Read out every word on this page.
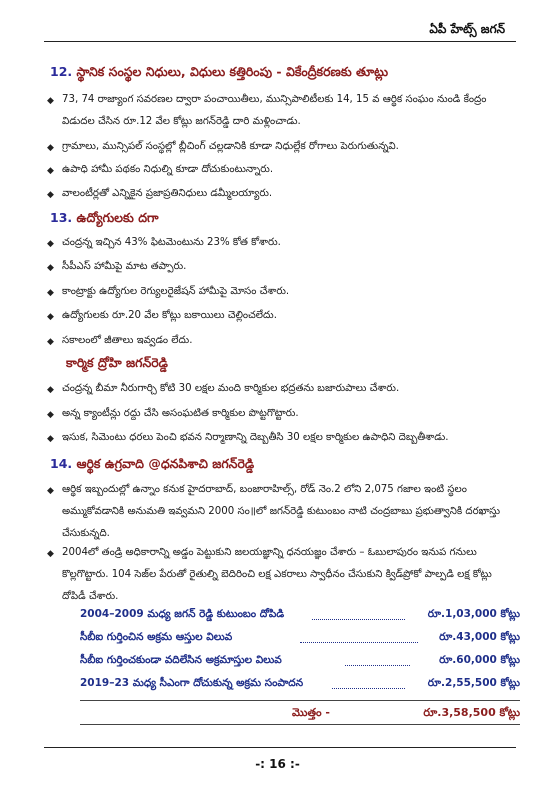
ఏపీ హేట్స్ జగన్
12. స్థానిక సంస్థల నిధులు, విధులు కత్తిరింపు - వికేంద్రీకరణకు తూట్లు
◆ 73, 74 రాజ్యాంగ సవరణల ద్వారా పంచాయితీలు, మున్సిపాలిటీలకు 14, 15 వ ఆర్థిక సంఘం నుండి కేంద్రం విడుదల చేసిన రూ.12 వేల కోట్లు జగన్‌రెడ్డి దారి మళ్లించాడు.
◆ గ్రామాలు, మున్సిపల్ సంస్థల్లో బ్లీచింగ్ చల్లడానికి కూడా నిధుల్లేక రోగాలు పెరుగుతున్నవి.
◆ ఉపాధి హామీ పథకం నిధుల్ని కూడా దోచుకుంటున్నారు.
◆ వాలంటీర్లతో ఎన్నికైన ప్రజాప్రతినిధులు డమ్మీలయ్యారు.
13. ఉద్యోగులకు దగా
◆ చంద్రన్న ఇచ్చిన 43% ఫిటమెంటును 23% కోత కోశారు.
◆ సీపీఎస్ హామీపై మాట తప్పారు.
◆ కాంట్రాక్టు ఉద్యోగుల రెగ్యులరైజేషన్ హామీపై మోసం చేశారు.
◆ ఉద్యోగులకు రూ.20 వేల కోట్లు బకాయిలు చెల్లించలేదు.
◆ సకాలంలో జీతాలు ఇవ్వడం లేదు.
కార్మిక ద్రోహి జగన్‌రెడ్డి
◆ చంద్రన్న బీమా నీరుగార్చి కోటి 30 లక్షల మంది కార్మికుల భద్రతను బజారుపాలు చేశారు.
◆ అన్న క్యాంటీన్లు రద్దు చేసి అసంఘటిత కార్మికుల పొట్టగొట్టారు.
◆ ఇసుక, సిమెంటు ధరలు పెంచి భవన నిర్మాణాన్ని దెబ్బతీసి 30 లక్షల కార్మికుల ఉపాధిని దెబ్బతీశాడు.
14. ఆర్థిక ఉగ్రవాది @ధనపిశాచి జగన్‌రెడ్డి
◆ ఆర్థిక ఇబ్బందుల్లో ఉన్నాం కనుక హైదరాబాద్, బంజారాహిల్స్, రోడ్ నెం.2 లోని 2,075 గజాల ఇంటి స్థలం అమ్ముకోవడానికి అనుమతి ఇవ్వమని 2000 సం॥లో జగన్‌రెడ్డి కుటుంబం నాటి చంద్రబాబు ప్రభుత్వానికి దరఖాస్తు చేసుకున్నది.
◆ 2004లో తండ్రి అధికారాన్ని అడ్డం పెట్టుకుని జలయజ్ఞాన్ని ధనయజ్ఞం చేశారు – ఓబులాపురం ఇనుప గనులు కొల్లగొట్టారు. 104 సెజ్‌ల పేరుతో రైతుల్ని బెదిరించి లక్ష ఎకరాలు స్వాధీనం చేసుకుని క్విడ్‌ప్రోకో పాల్పడి లక్ష కోట్లు దోపిడీ చేశారు.
2004–2009 మధ్య జగన్ రెడ్డి కుటుంబం దోపిడి	రూ.1,03,000 కోట్లు
సీబీఐ గుర్తించిన అక్రమ ఆస్తుల విలువ	రూ.43,000 కోట్లు
సీబీఐ గుర్తించకుండా వదిలేసిన అక్రమాస్తుల విలువ	రూ.60,000 కోట్లు
2019–23 మధ్య సీఎంగా దోచుకున్న అక్రమ సంపాదన	రూ.2,55,500 కోట్లు
మొత్తం -	రూ.3,58,500 కోట్లు
-: 16 :-
